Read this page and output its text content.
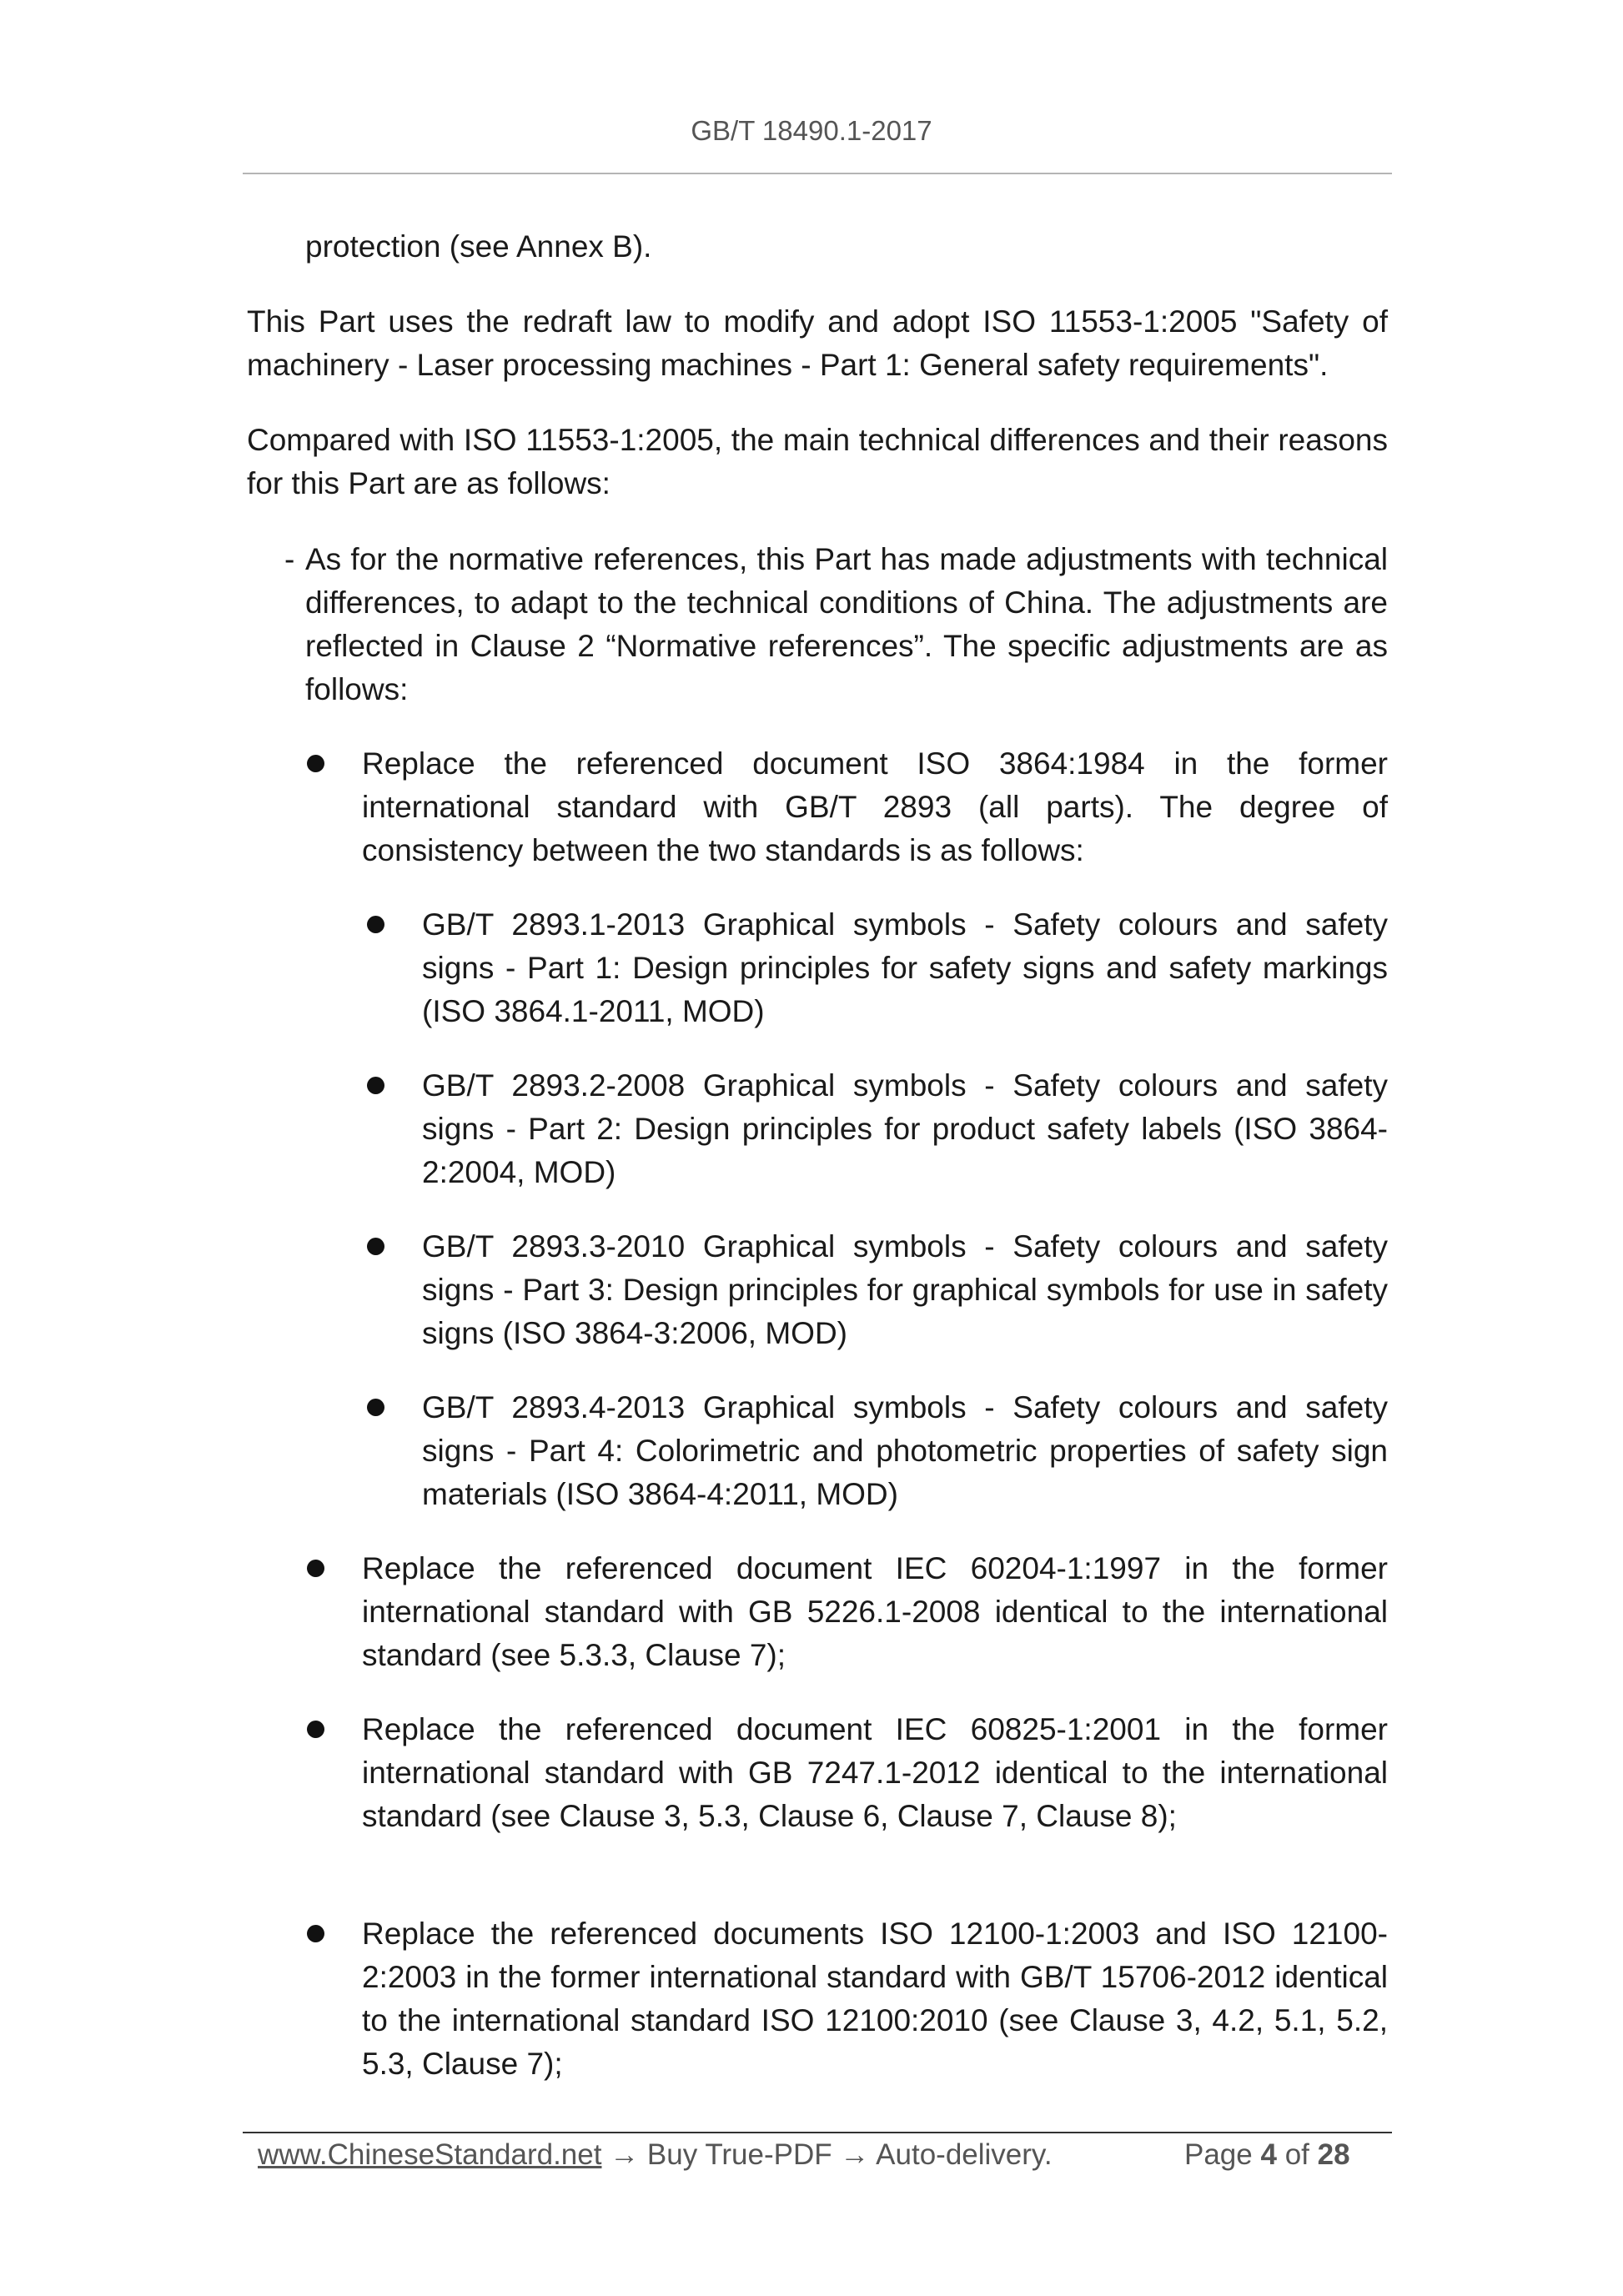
GB/T 18490.1-2017
protection (see Annex B).
This Part uses the redraft law to modify and adopt ISO 11553-1:2005 "Safety of machinery - Laser processing machines - Part 1: General safety requirements".
Compared with ISO 11553-1:2005, the main technical differences and their reasons for this Part are as follows:
- As for the normative references, this Part has made adjustments with technical differences, to adapt to the technical conditions of China. The adjustments are reflected in Clause 2 “Normative references”. The specific adjustments are as follows:
Replace the referenced document ISO 3864:1984 in the former international standard with GB/T 2893 (all parts). The degree of consistency between the two standards is as follows:
GB/T 2893.1-2013 Graphical symbols - Safety colours and safety signs - Part 1: Design principles for safety signs and safety markings (ISO 3864.1-2011, MOD)
GB/T 2893.2-2008 Graphical symbols - Safety colours and safety signs - Part 2: Design principles for product safety labels (ISO 3864-2:2004, MOD)
GB/T 2893.3-2010 Graphical symbols - Safety colours and safety signs - Part 3: Design principles for graphical symbols for use in safety signs (ISO 3864-3:2006, MOD)
GB/T 2893.4-2013 Graphical symbols - Safety colours and safety signs - Part 4: Colorimetric and photometric properties of safety sign materials (ISO 3864-4:2011, MOD)
Replace the referenced document IEC 60204-1:1997 in the former international standard with GB 5226.1-2008 identical to the international standard (see 5.3.3, Clause 7);
Replace the referenced document IEC 60825-1:2001 in the former international standard with GB 7247.1-2012 identical to the international standard (see Clause 3, 5.3, Clause 6, Clause 7, Clause 8);
Replace the referenced documents ISO 12100-1:2003 and ISO 12100-2:2003 in the former international standard with GB/T 15706-2012 identical to the international standard ISO 12100:2010 (see Clause 3, 4.2, 5.1, 5.2, 5.3, Clause 7);
www.ChineseStandard.net → Buy True-PDF → Auto-delivery.	Page 4 of 28
